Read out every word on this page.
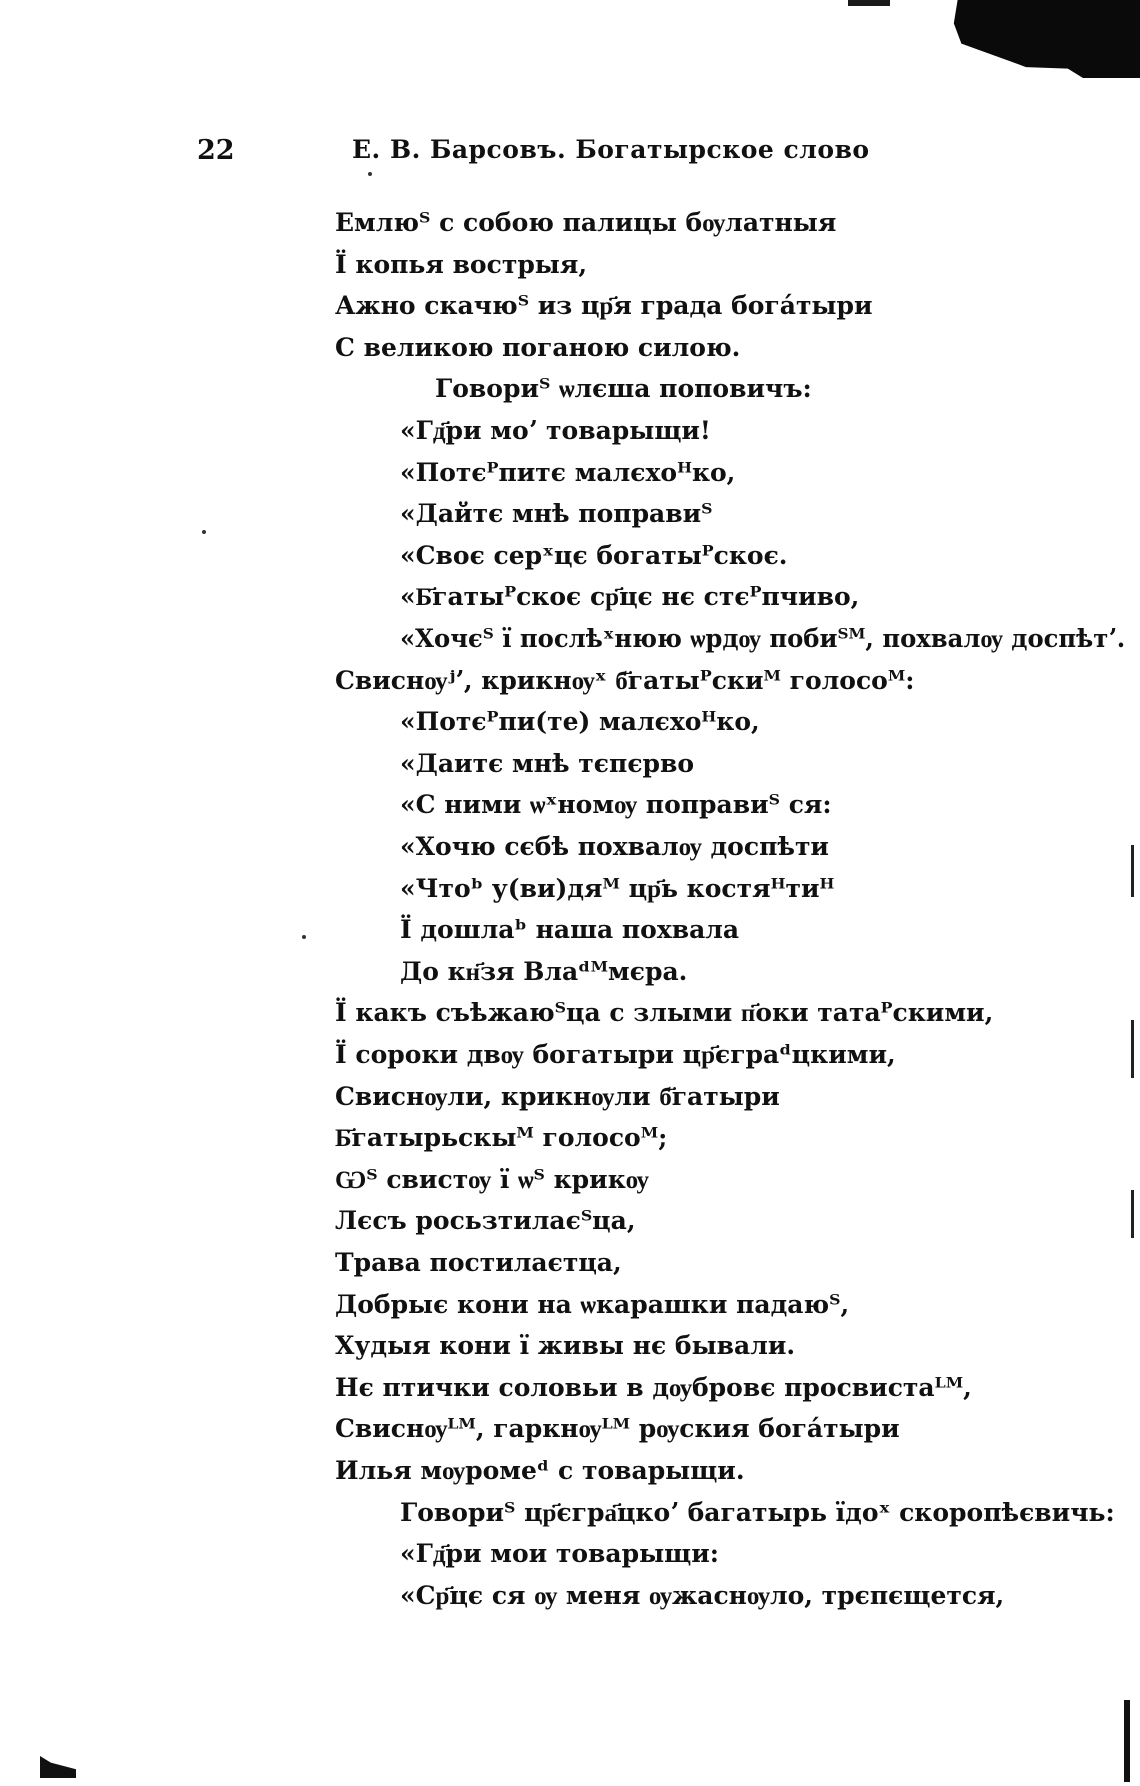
22	Е. В. Барсовъ. Богатырское слово
Емлюᵀ с собою палицы бѹлатныя
Ї копья вострыя,
Ажно скачюᵀ из цр҃я града бога́тыри
С великою поганою силою.
Говориᵀ ѡлєша поповичъ:
«Гд҃ри моʼ товарыщи!
«Потєᴾпитє малєхоᴴко,
«Дайтє мнѣ поправиᵀ
«Своє серˣцє богатыᴾскоє.
«Б҃гатыᴾскоє ср҃цє нє стєᴾпчиво,
«Хочєᵀ ї послѣˣнюю ѡрдѹ побиᵀᴹ, похвалѹ доспѣтʼ.
Свиснѹʲʼ, крикнѹˣ б҃гатыᴾскиᴹ голосоᴹ:
«Потєᴾпи(те) малєхоᴴко,
«Даитє мнѣ тєпєрво
«С ними ѡˣномѹ поправиᵀ ся:
«Хочю сєбѣ похвалѹ доспѣти
«Чтоᵇ у(ви)дяᴹ цр҃ь костяᴴтиᴴ
Ї дошлаᵇ наша похвала
До кн҃зя Влаᵈᴹмєра.
Ї какъ съѣжаюᵀца с злыми п҃оки татаᴾскими,
Ї сороки двѹ богатыри цр҃єграᵈцкими,
Свиснѹли, крикнѹли б҃гатыри
Б҃гатырьскыᴹ голосоᴹ;
Ѡᵀ свистѹ ї ѡᵀ крикѹ
Лєсъ росьзтилаєᵀца,
Трава постилаєтца,
Добрыє кони на ѡкарашки падаюᵀ,
Худыя кони ї живы нє бывали.
Нє птички соловьи в дѹбровє просвистаᴸᴹ,
Свиснѹᴸᴹ, гаркнѹᴸᴹ рѹския бога́тыри
Илья мѹромеᵈ с товарыщи.
Говориᵀ цр҃єгра҃цкоʼ багатырь їдоˣ скоропѣєвичь:
«Гд҃ри мои товарыщи:
«Ср҃цє ся ѹ меня ѹжаснѹло, трєпєщется,
